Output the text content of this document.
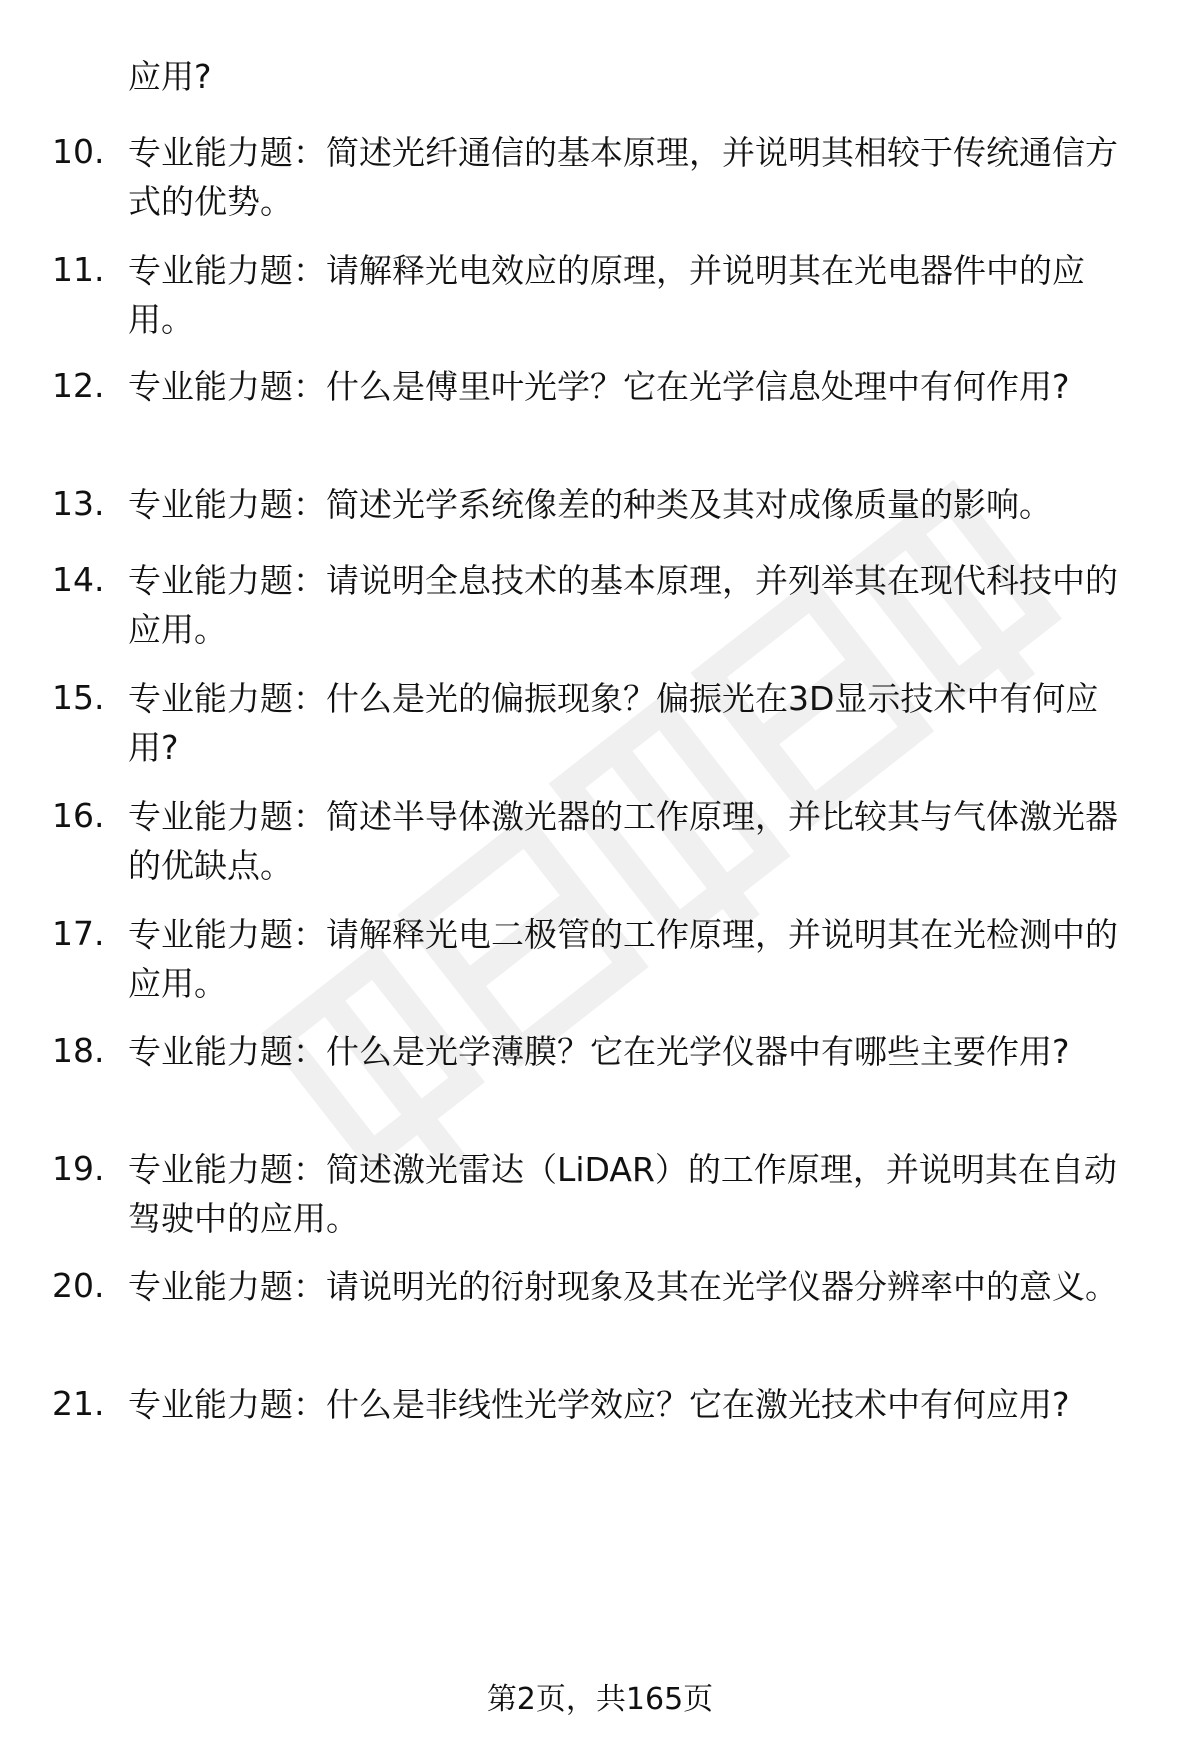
应用?
10. 专业能力题：简述光纤通信的基本原理，并说明其相较于传统通信方式的优势。
11. 专业能力题：请解释光电效应的原理，并说明其在光电器件中的应用。
12. 专业能力题：什么是傅里叶光学？它在光学信息处理中有何作用?
13. 专业能力题：简述光学系统像差的种类及其对成像质量的影响。
14. 专业能力题：请说明全息技术的基本原理，并列举其在现代科技中的应用。
15. 专业能力题：什么是光的偏振现象？偏振光在3D显示技术中有何应用?
16. 专业能力题：简述半导体激光器的工作原理，并比较其与气体激光器的优缺点。
17. 专业能力题：请解释光电二极管的工作原理，并说明其在光检测中的应用。
18. 专业能力题：什么是光学薄膜？它在光学仪器中有哪些主要作用?
19. 专业能力题：简述激光雷达（LiDAR）的工作原理，并说明其在自动驾驶中的应用。
20. 专业能力题：请说明光的衍射现象及其在光学仪器分辨率中的意义。
21. 专业能力题：什么是非线性光学效应？它在激光技术中有何应用?
第2页，共165页
